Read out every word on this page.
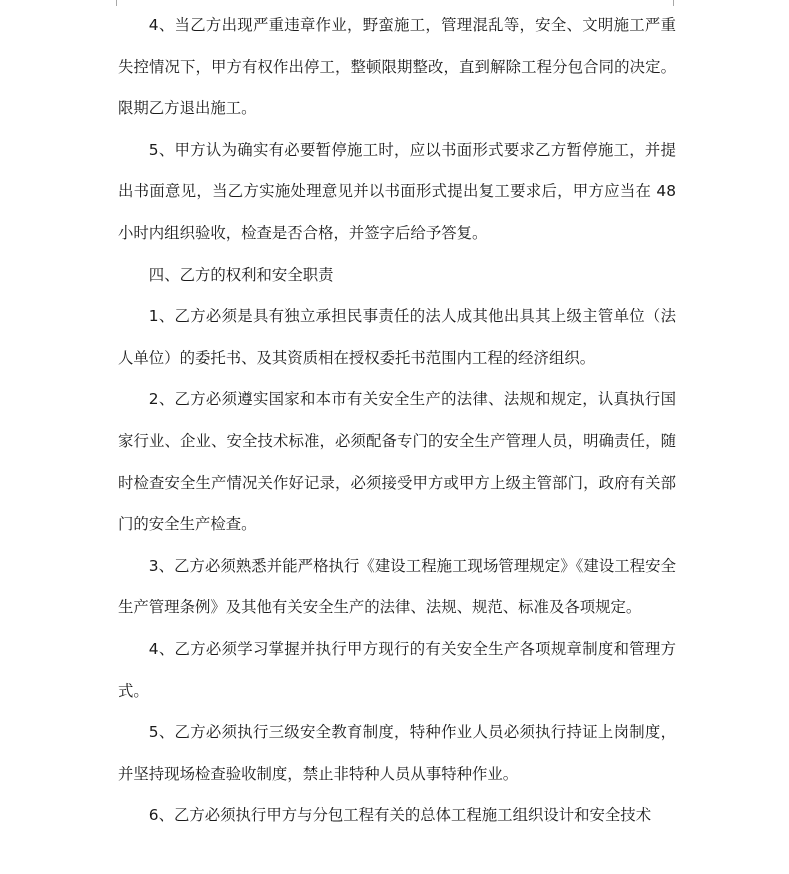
4、当乙方出现严重违章作业，野蛮施工，管理混乱等，安全、文明施工严重失控情况下，甲方有权作出停工，整顿限期整改，直到解除工程分包合同的决定。限期乙方退出施工。

5、甲方认为确实有必要暂停施工时，应以书面形式要求乙方暂停施工，并提出书面意见，当乙方实施处理意见并以书面形式提出复工要求后，甲方应当在 48 小时内组织验收，检查是否合格，并签字后给予答复。

四、乙方的权利和安全职责

1、乙方必须是具有独立承担民事责任的法人成其他出具其上级主管单位（法人单位）的委托书、及其资质相在授权委托书范围内工程的经济组织。

2、乙方必须遵实国家和本市有关安全生产的法律、法规和规定，认真执行国家行业、企业、安全技术标准，必须配备专门的安全生产管理人员，明确责任，随时检查安全生产情况关作好记录，必须接受甲方或甲方上级主管部门，政府有关部门的安全生产检查。

3、乙方必须熟悉并能严格执行《建设工程施工现场管理规定》《建设工程安全生产管理条例》及其他有关安全生产的法律、法规、规范、标准及各项规定。

4、乙方必须学习掌握并执行甲方现行的有关安全生产各项规章制度和管理方式。

5、乙方必须执行三级安全教育制度，特种作业人员必须执行持证上岗制度，并坚持现场检查验收制度，禁止非特种人员从事特种作业。

6、乙方必须执行甲方与分包工程有关的总体工程施工组织设计和安全技术
